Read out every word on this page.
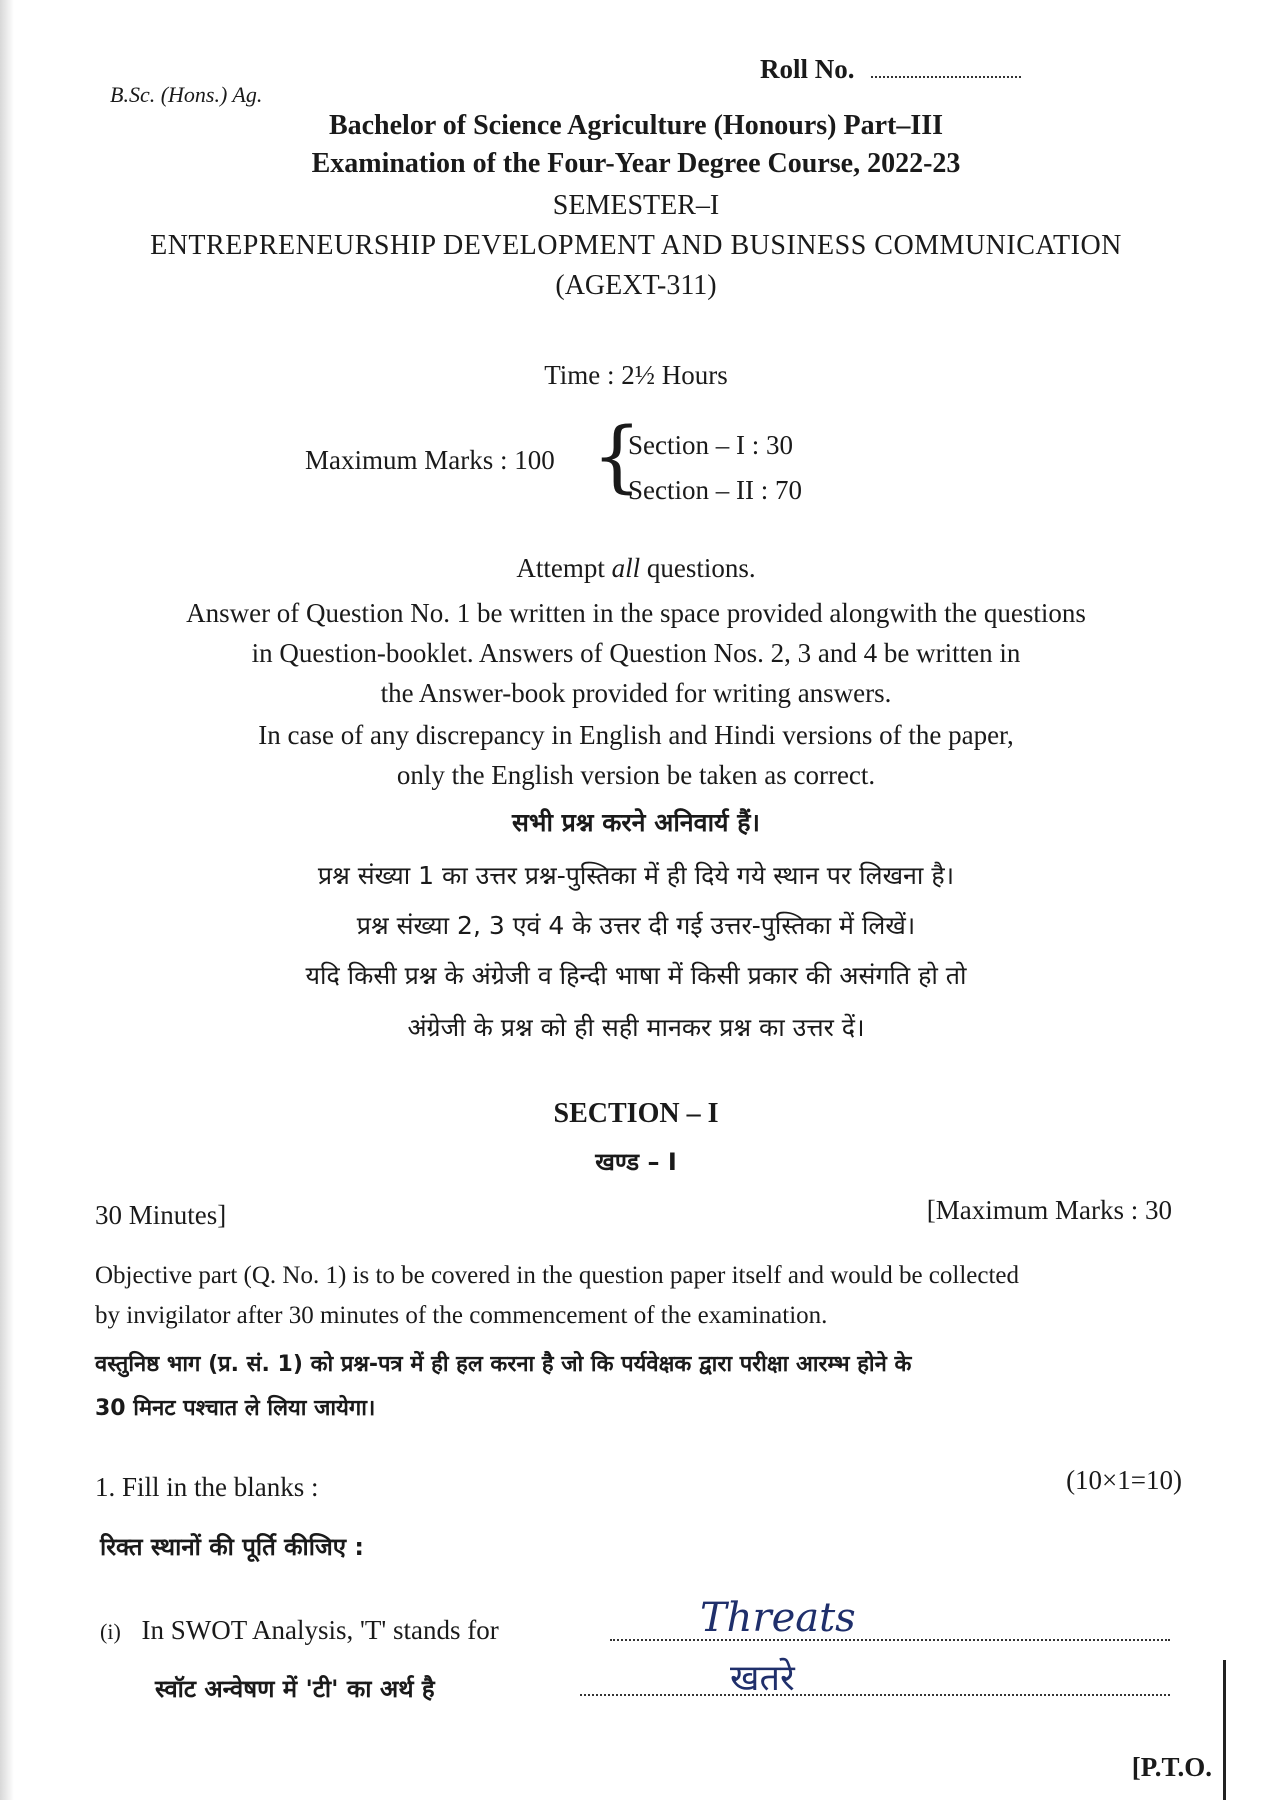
Roll No.
B.Sc. (Hons.) Ag.
Bachelor of Science Agriculture (Honours) Part–III
Examination of the Four-Year Degree Course, 2022-23
SEMESTER–I
ENTREPRENEURSHIP DEVELOPMENT AND BUSINESS COMMUNICATION
(AGEXT-311)
Time : 2½ Hours
Maximum Marks : 100 {
Section – I : 30
Section – II : 70
Attempt all questions.
Answer of Question No. 1 be written in the space provided alongwith the questions
in Question-booklet. Answers of Question Nos. 2, 3 and 4 be written in
the Answer-book provided for writing answers.
In case of any discrepancy in English and Hindi versions of the paper,
only the English version be taken as correct.
सभी प्रश्न करने अनिवार्य हैं।
प्रश्न संख्या 1 का उत्तर प्रश्न-पुस्तिका में ही दिये गये स्थान पर लिखना है।
प्रश्न संख्या 2, 3 एवं 4 के उत्तर दी गई उत्तर-पुस्तिका में लिखें।
यदि किसी प्रश्न के अंग्रेजी व हिन्दी भाषा में किसी प्रकार की असंगति हो तो
अंग्रेजी के प्रश्न को ही सही मानकर प्रश्न का उत्तर दें।
SECTION – I
खण्ड – I
30 Minutes]	[Maximum Marks : 30
Objective part (Q. No. 1) is to be covered in the question paper itself and would be collected
by invigilator after 30 minutes of the commencement of the examination.
वस्तुनिष्ठ भाग (प्र. सं. 1) को प्रश्न-पत्र में ही हल करना है जो कि पर्यवेक्षक द्वारा परीक्षा आरम्भ होने के
30 मिनट पश्चात ले लिया जायेगा।
1. Fill in the blanks :	(10×1=10)
रिक्त स्थानों की पूर्ति कीजिए :
(i) In SWOT Analysis, 'T' stands for	Threats
स्वॉट अन्वेषण में 'टी' का अर्थ है	खतरे
[P.T.O.
